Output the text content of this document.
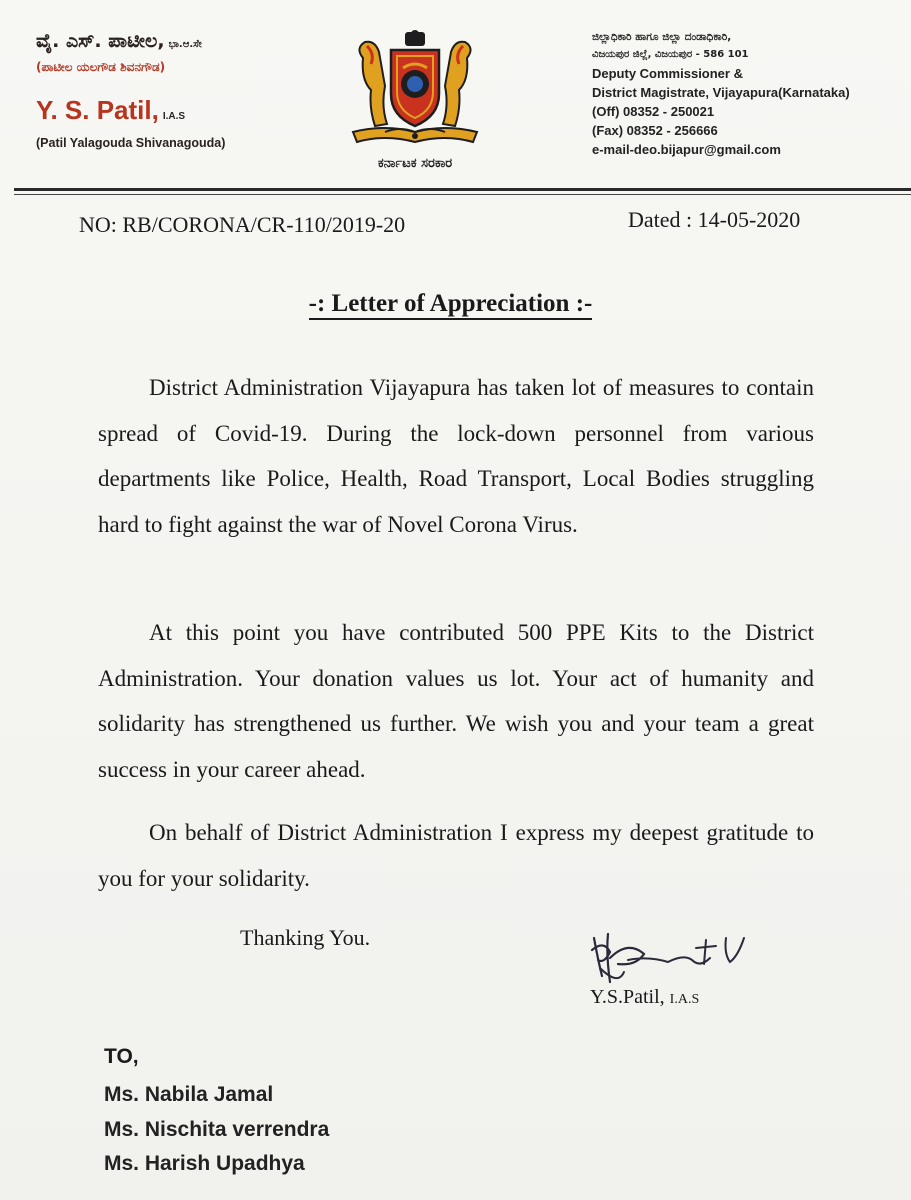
ವೈ. ಎಸ್. ಪಾಟೀಲ, ಭಾ.ಆ.ಸೇ
(ಪಾಟೀಲ ಯಲಗೌಡ ಶಿವನಗೌಡ)
Y. S. Patil, I.A.S
(Patil Yalagouda Shivanagouda)
ಕರ್ನಾಟಕ ಸರಕಾರ
ಜಿಲ್ಲಾಧಿಕಾರಿ ಹಾಗೂ ಜಿಲ್ಲಾ ದಂಡಾಧಿಕಾರಿ,
ವಿಜಯಪುರ ಜಿಲ್ಲೆ, ವಿಜಯಪುರ - 586 101
Deputy Commissioner &
District Magistrate, Vijayapura(Karnataka)
(Off) 08352 - 250021
(Fax) 08352 - 256666
e-mail-deo.bijapur@gmail.com
NO: RB/CORONA/CR-110/2019-20	Dated : 14-05-2020
-: Letter of Appreciation :-

District Administration Vijayapura has taken lot of measures to contain spread of Covid-19. During the lock-down personnel from various departments like Police, Health, Road Transport, Local Bodies struggling hard to fight against the war of Novel Corona Virus.

At this point you have contributed 500 PPE Kits to the District Administration. Your donation values us lot. Your act of humanity and solidarity has strengthened us further. We wish you and your team a great success in your career ahead.

On behalf of District Administration I express my deepest gratitude to you for your solidarity.

Thanking You.
Y.S.Patil, I.A.S
TO,
Ms. Nabila Jamal
Ms. Nischita verrendra
Ms. Harish Upadhya
